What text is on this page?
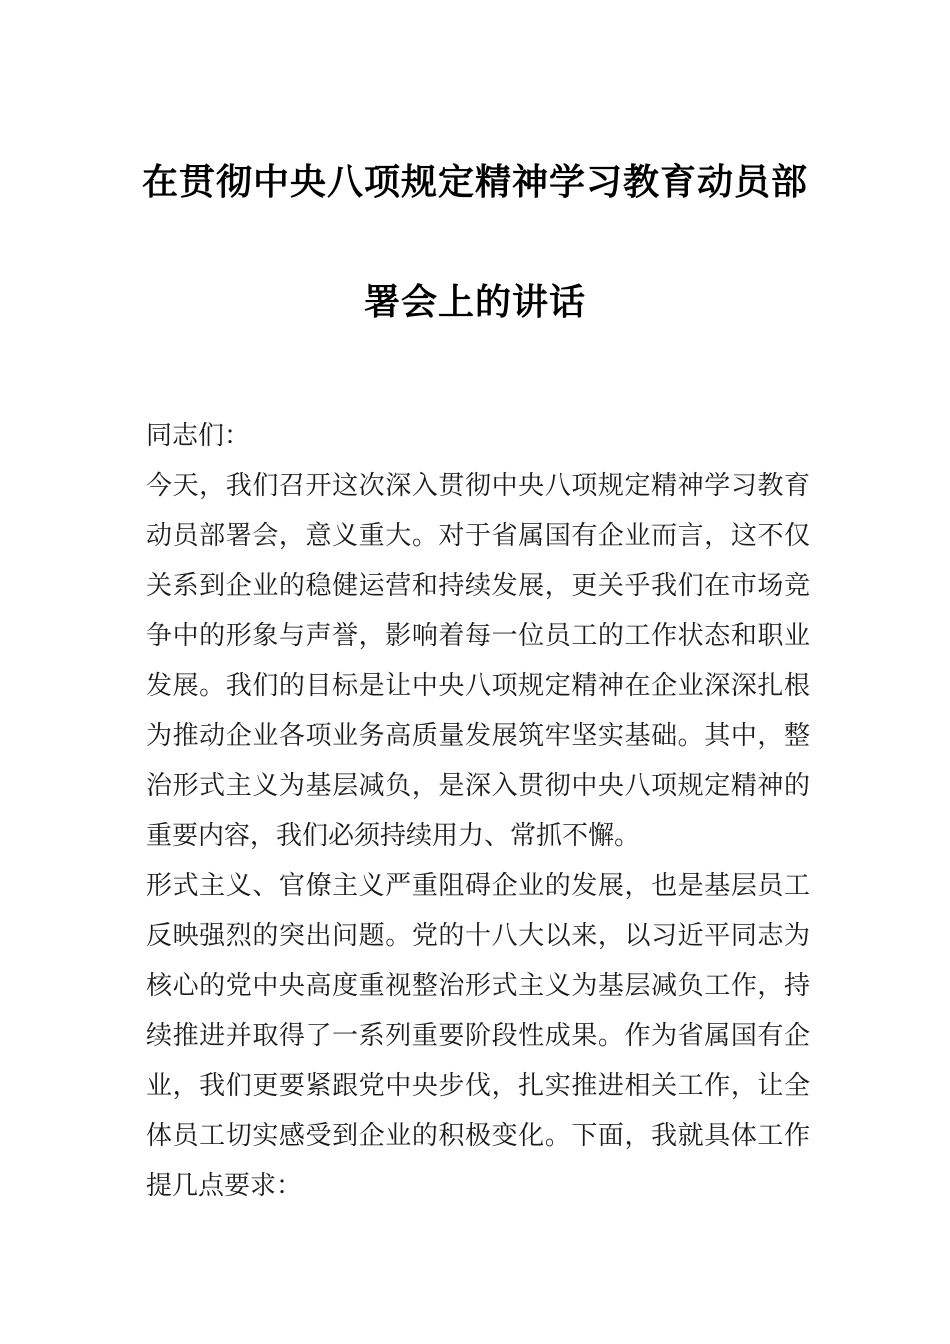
在贯彻中央八项规定精神学习教育动员部
署会上的讲话
同志们：
今天，我们召开这次深入贯彻中央八项规定精神学习教育
动员部署会，意义重大。对于省属国有企业而言，这不仅
关系到企业的稳健运营和持续发展，更关乎我们在市场竞
争中的形象与声誉，影响着每一位员工的工作状态和职业
发展。我们的目标是让中央八项规定精神在企业深深扎根
为推动企业各项业务高质量发展筑牢坚实基础。其中，整
治形式主义为基层减负，是深入贯彻中央八项规定精神的
重要内容，我们必须持续用力、常抓不懈。
形式主义、官僚主义严重阻碍企业的发展，也是基层员工
反映强烈的突出问题。党的十八大以来，以习近平同志为
核心的党中央高度重视整治形式主义为基层减负工作，持
续推进并取得了一系列重要阶段性成果。作为省属国有企
业，我们更要紧跟党中央步伐，扎实推进相关工作，让全
体员工切实感受到企业的积极变化。下面，我就具体工作
提几点要求：
